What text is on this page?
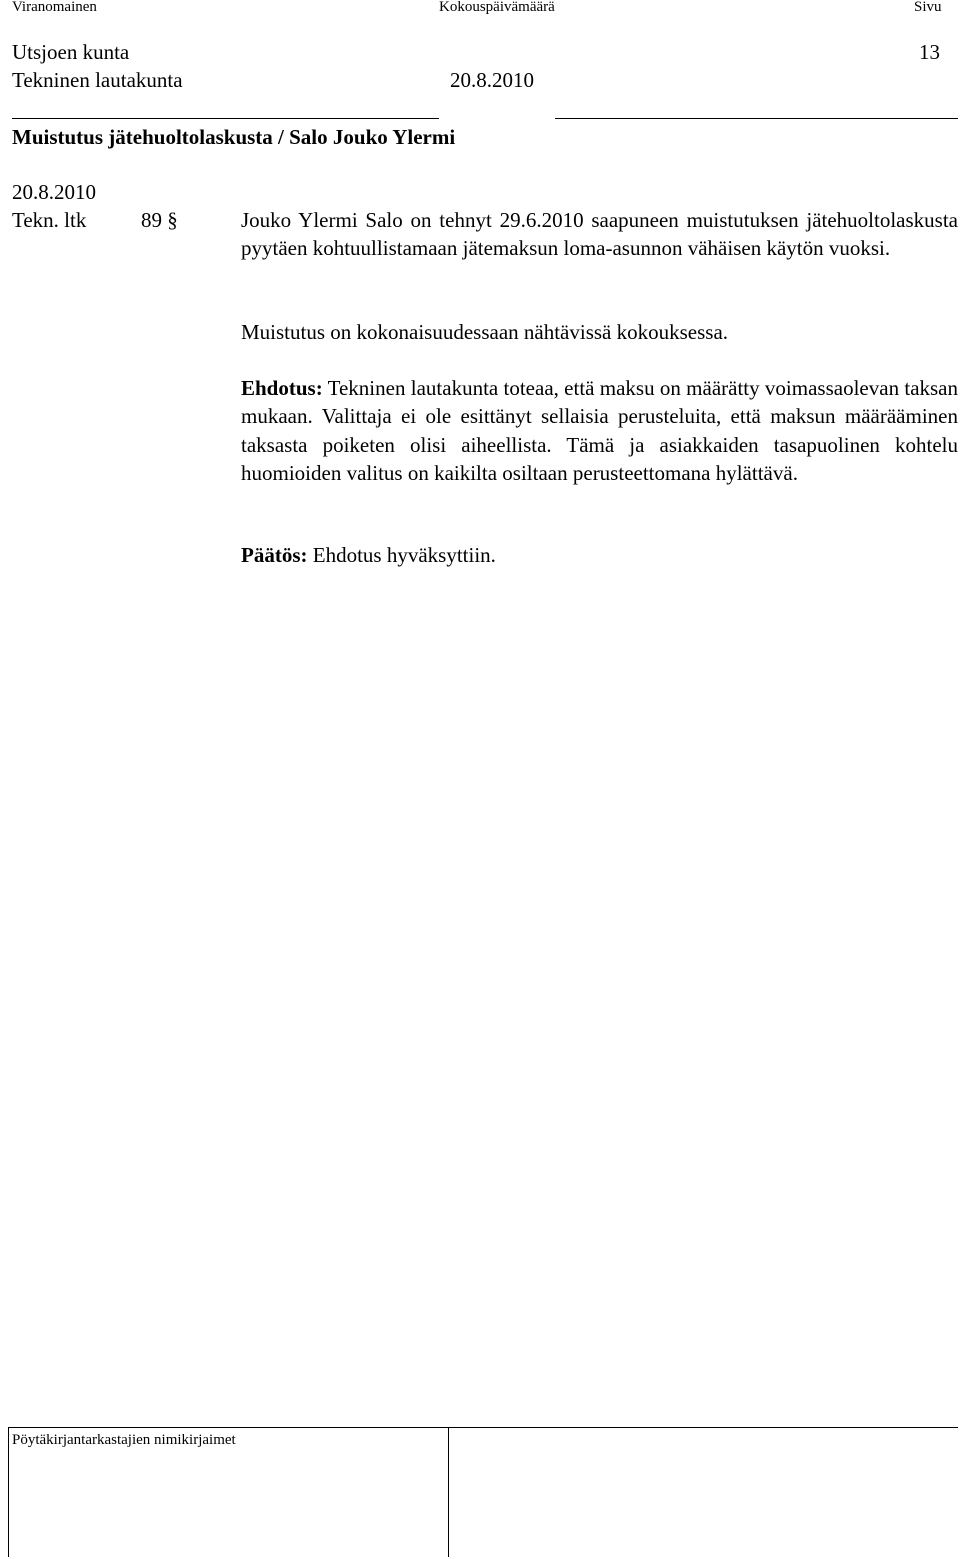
Viranomainen	Kokouspäivämäärä	Sivu
Utsjoen kunta	13
Tekninen lautakunta	20.8.2010
Muistutus jätehuoltolaskusta / Salo Jouko Ylermi
20.8.2010
Tekn. ltk	89 §	Jouko Ylermi Salo on tehnyt 29.6.2010 saapuneen muistutuksen jätehuoltolaskusta pyytäen kohtuullistamaan jätemaksun loma-asunnon vähäisen käytön vuoksi.
Muistutus on kokonaisuudessaan nähtävissä kokouksessa.
Ehdotus: Tekninen lautakunta toteaa, että maksu on määrätty voimassaolevan taksan mukaan. Valittaja ei ole esittänyt sellaisia perusteluita, että maksun määrääminen taksasta poiketen olisi aiheellista. Tämä ja asiakkaiden tasapuolinen kohtelu huomioiden valitus on kaikilta osiltaan perusteettomana hylättävä.
Päätös: Ehdotus hyväksyttiin.
Pöytäkirjantarkastajien nimikirjaimet
